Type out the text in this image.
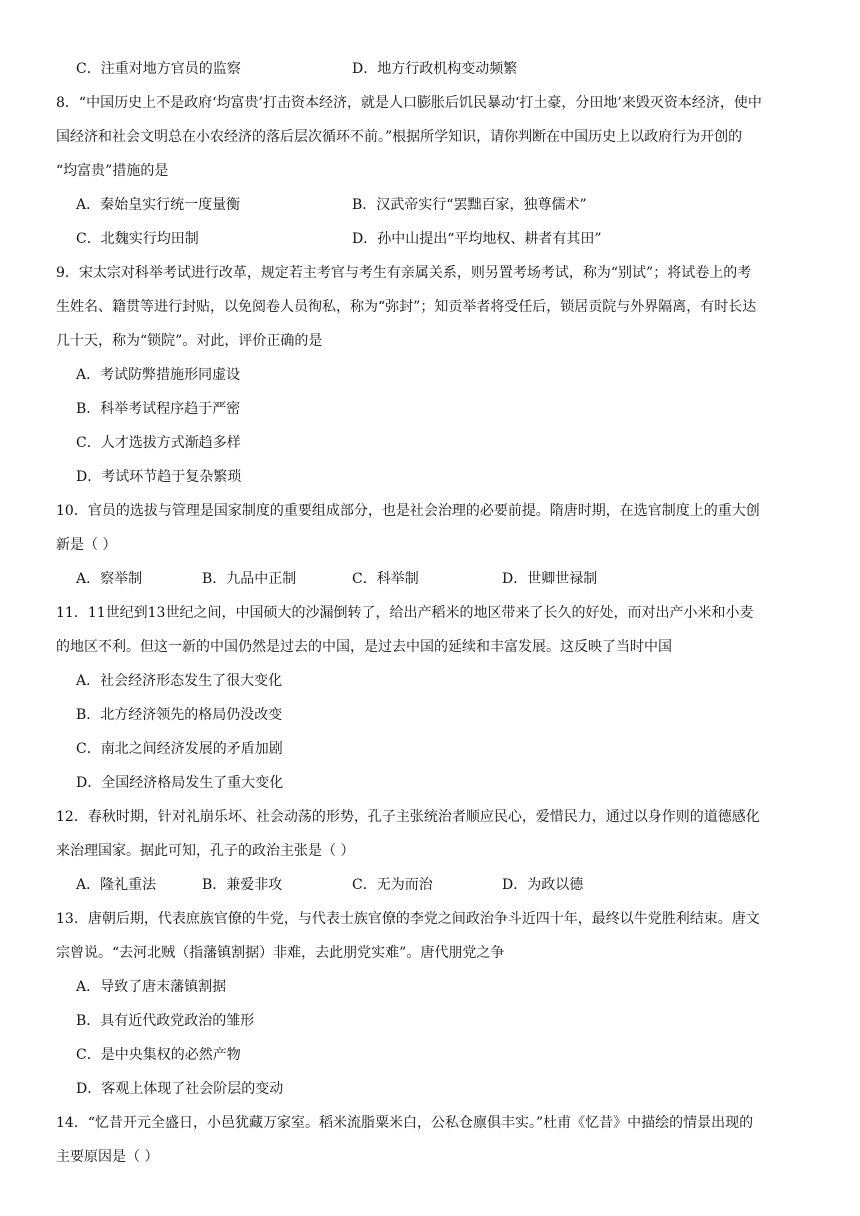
C．注重对地方官员的监察	D．地方行政机构变动频繁
8．“中国历史上不是政府‘均富贵’打击资本经济，就是人口膨胀后饥民暴动‘打土豪，分田地’来毁灭资本经济，使中
国经济和社会文明总在小农经济的落后层次循环不前。”根据所学知识，请你判断在中国历史上以政府行为开创的
“均富贵”措施的是
A．秦始皇实行统一度量衡	B．汉武帝实行“罢黜百家，独尊儒术”
C．北魏实行均田制	D．孙中山提出“平均地权、耕者有其田”
9．宋太宗对科举考试进行改革，规定若主考官与考生有亲属关系，则另置考场考试，称为“别试”；将试卷上的考
生姓名、籍贯等进行封贴，以免阅卷人员徇私，称为“弥封”；知贡举者将受任后，锁居贡院与外界隔离，有时长达
几十天，称为“锁院”。对此，评价正确的是
A．考试防弊措施形同虚设
B．科举考试程序趋于严密
C．人才选拔方式渐趋多样
D．考试环节趋于复杂繁琐
10．官员的选拔与管理是国家制度的重要组成部分，也是社会治理的必要前提。隋唐时期，在选官制度上的重大创
新是（ ）
A．察举制	B．九品中正制	C．科举制	D．世卿世禄制
11．11世纪到13世纪之间，中国硕大的沙漏倒转了，给出产稻米的地区带来了长久的好处，而对出产小米和小麦
的地区不利。但这一新的中国仍然是过去的中国，是过去中国的延续和丰富发展。这反映了当时中国
A．社会经济形态发生了很大变化
B．北方经济领先的格局仍没改变
C．南北之间经济发展的矛盾加剧
D．全国经济格局发生了重大变化
12．春秋时期，针对礼崩乐坏、社会动荡的形势，孔子主张统治者顺应民心，爱惜民力，通过以身作则的道德感化
来治理国家。据此可知，孔子的政治主张是（ ）
A．隆礼重法	B．兼爱非攻	C．无为而治	D．为政以德
13．唐朝后期，代表庶族官僚的牛党，与代表士族官僚的李党之间政治争斗近四十年，最终以牛党胜利结束。唐文
宗曾说。“去河北贼（指藩镇割据）非难，去此朋党实难”。唐代朋党之争
A．导致了唐末藩镇割据
B．具有近代政党政治的雏形
C．是中央集权的必然产物
D．客观上体现了社会阶层的变动
14．“忆昔开元全盛日，小邑犹藏万家室。稻米流脂粟米白，公私仓廪俱丰实。”杜甫《忆昔》中描绘的情景出现的
主要原因是（ ）
